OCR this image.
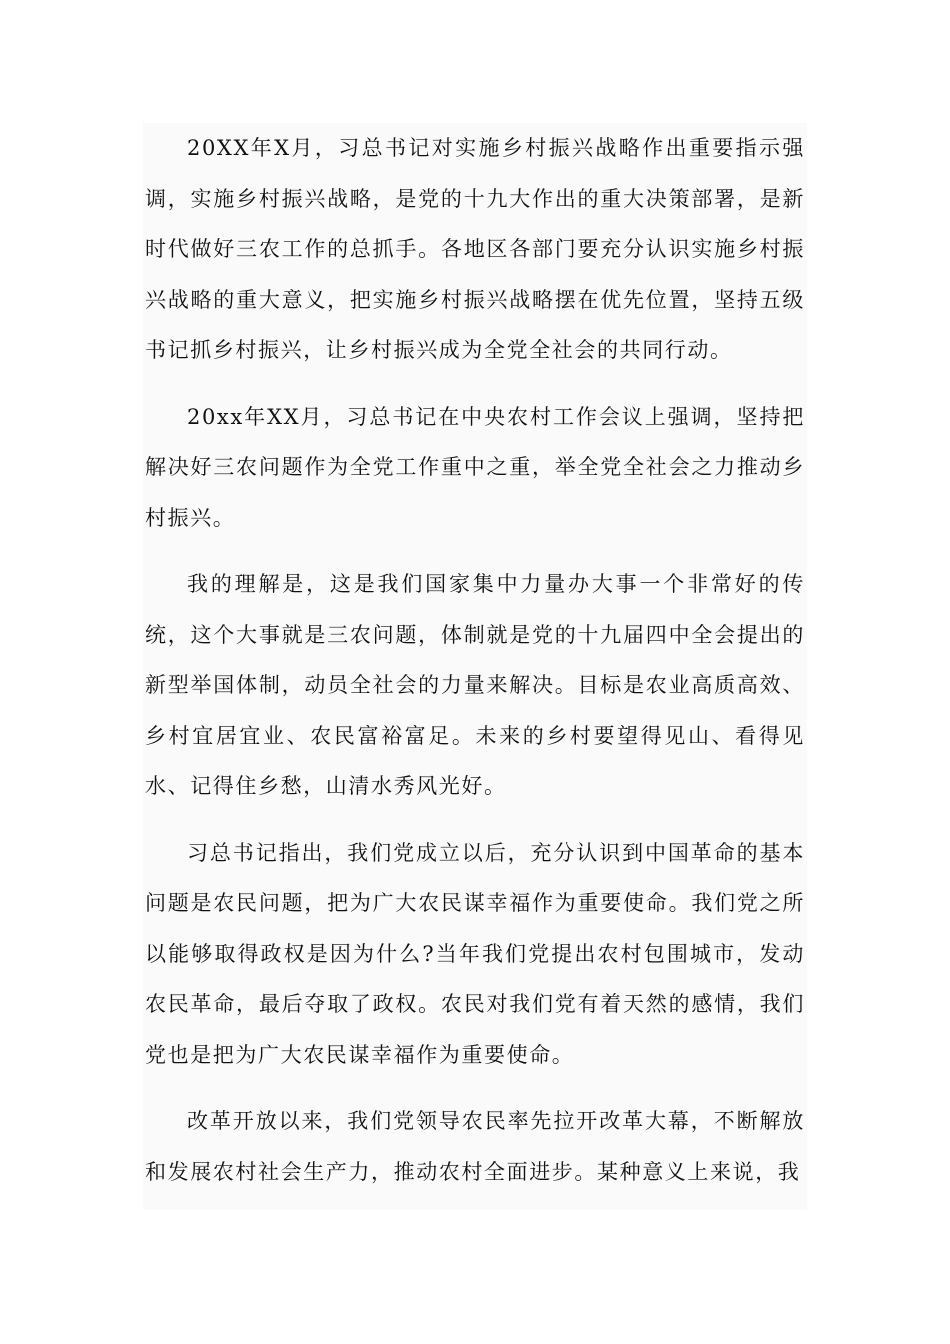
20XX年X月，习总书记对实施乡村振兴战略作出重要指示强调，实施乡村振兴战略，是党的十九大作出的重大决策部署，是新时代做好三农工作的总抓手。各地区各部门要充分认识实施乡村振兴战略的重大意义，把实施乡村振兴战略摆在优先位置，坚持五级书记抓乡村振兴，让乡村振兴成为全党全社会的共同行动。

20xx年XX月，习总书记在中央农村工作会议上强调，坚持把解决好三农问题作为全党工作重中之重，举全党全社会之力推动乡村振兴。

我的理解是，这是我们国家集中力量办大事一个非常好的传统，这个大事就是三农问题，体制就是党的十九届四中全会提出的新型举国体制，动员全社会的力量来解决。目标是农业高质高效、乡村宜居宜业、农民富裕富足。未来的乡村要望得见山、看得见水、记得住乡愁，山清水秀风光好。

习总书记指出，我们党成立以后，充分认识到中国革命的基本问题是农民问题，把为广大农民谋幸福作为重要使命。我们党之所以能够取得政权是因为什么?当年我们党提出农村包围城市，发动农民革命，最后夺取了政权。农民对我们党有着天然的感情，我们党也是把为广大农民谋幸福作为重要使命。

改革开放以来，我们党领导农民率先拉开改革大幕，不断解放和发展农村社会生产力，推动农村全面进步。某种意义上来说，我
